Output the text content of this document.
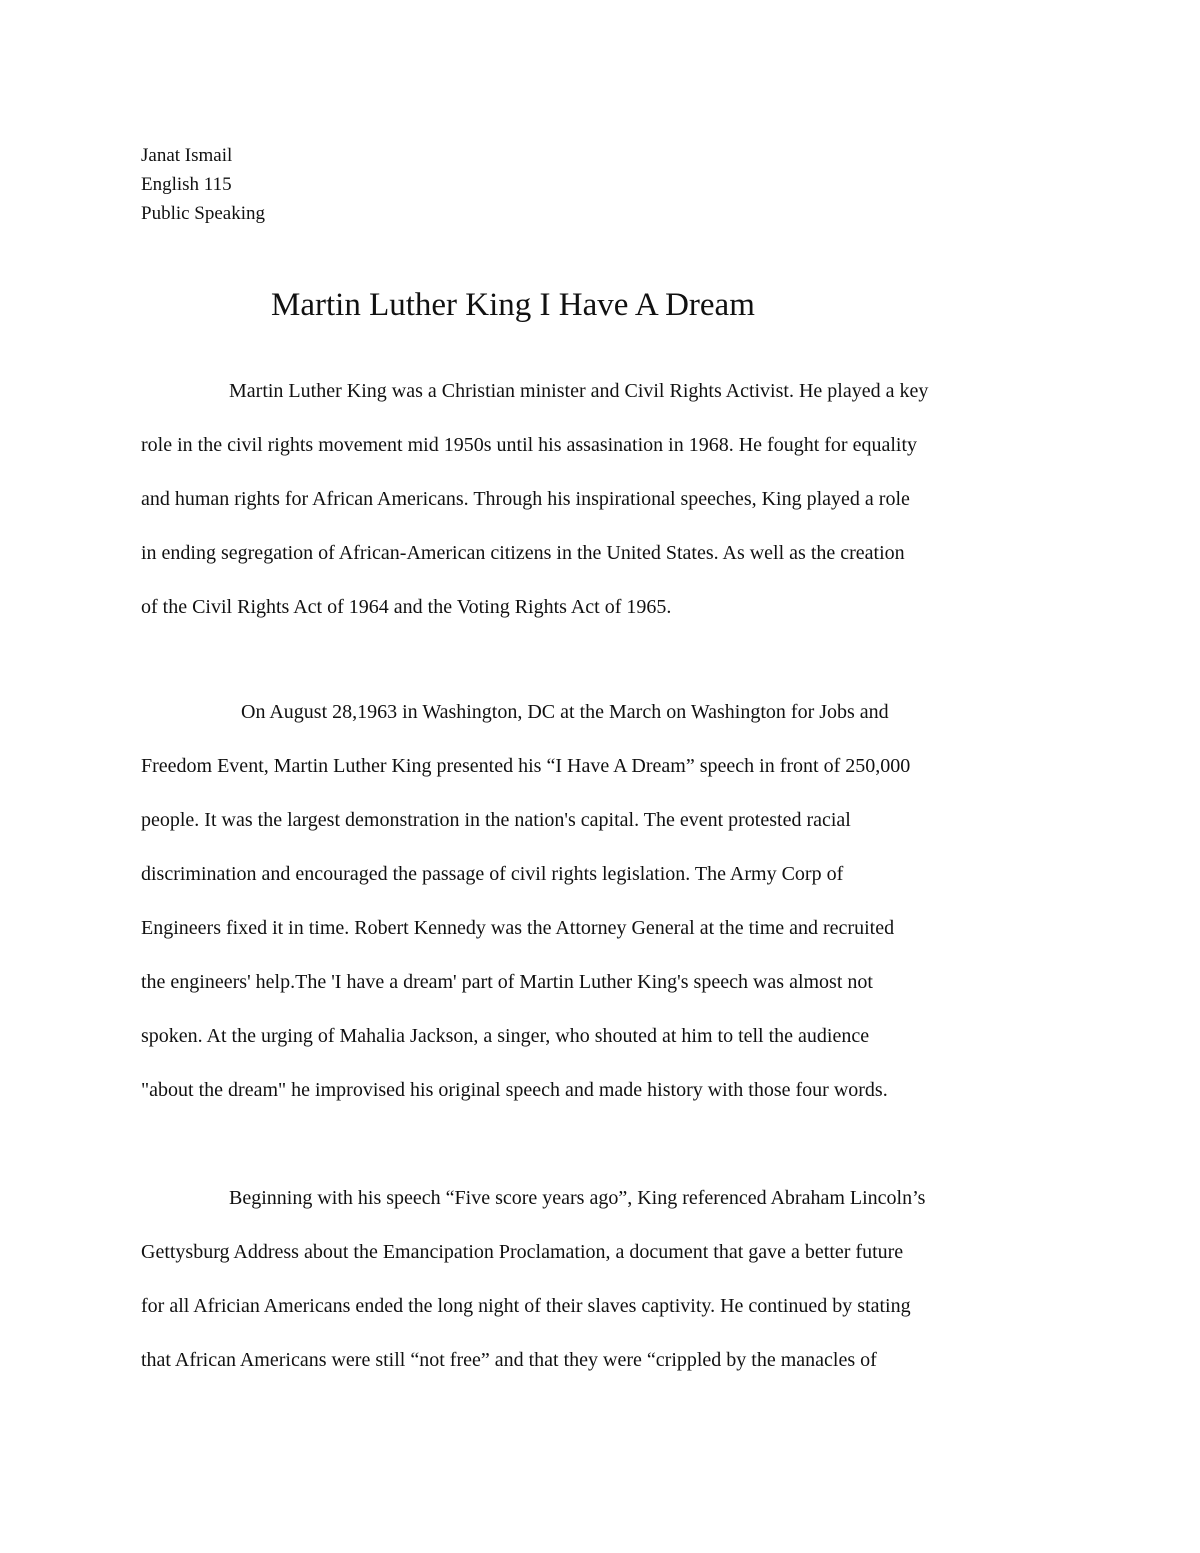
Janat Ismail
English 115
Public Speaking
Martin Luther King I Have A Dream
Martin Luther King was a Christian minister and Civil Rights Activist. He played a key
role in the civil rights movement mid 1950s until his assasination in 1968. He fought for equality
and human rights for African Americans. Through his inspirational speeches, King played a role
in ending segregation of African-American citizens in the United States. As well as the creation
of the Civil Rights Act of 1964 and the Voting Rights Act of 1965.
On August 28,1963 in Washington, DC at the March on Washington for Jobs and
Freedom Event, Martin Luther King presented his “I Have A Dream” speech in front of 250,000
people. It was the largest demonstration in the nation's capital. The event protested racial
discrimination and encouraged the passage of civil rights legislation. The Army Corp of
Engineers fixed it in time. Robert Kennedy was the Attorney General at the time and recruited
the engineers' help.The 'I have a dream' part of Martin Luther King's speech was almost not
spoken. At the urging of Mahalia Jackson, a singer, who shouted at him to tell the audience
"about the dream" he improvised his original speech and made history with those four words.
Beginning with his speech “Five score years ago”, King referenced Abraham Lincoln’s
Gettysburg Address about the Emancipation Proclamation, a document that gave a better future
for all Africian Americans ended the long night of their slaves captivity. He continued by stating
that African Americans were still “not free” and that they were “crippled by the manacles of
